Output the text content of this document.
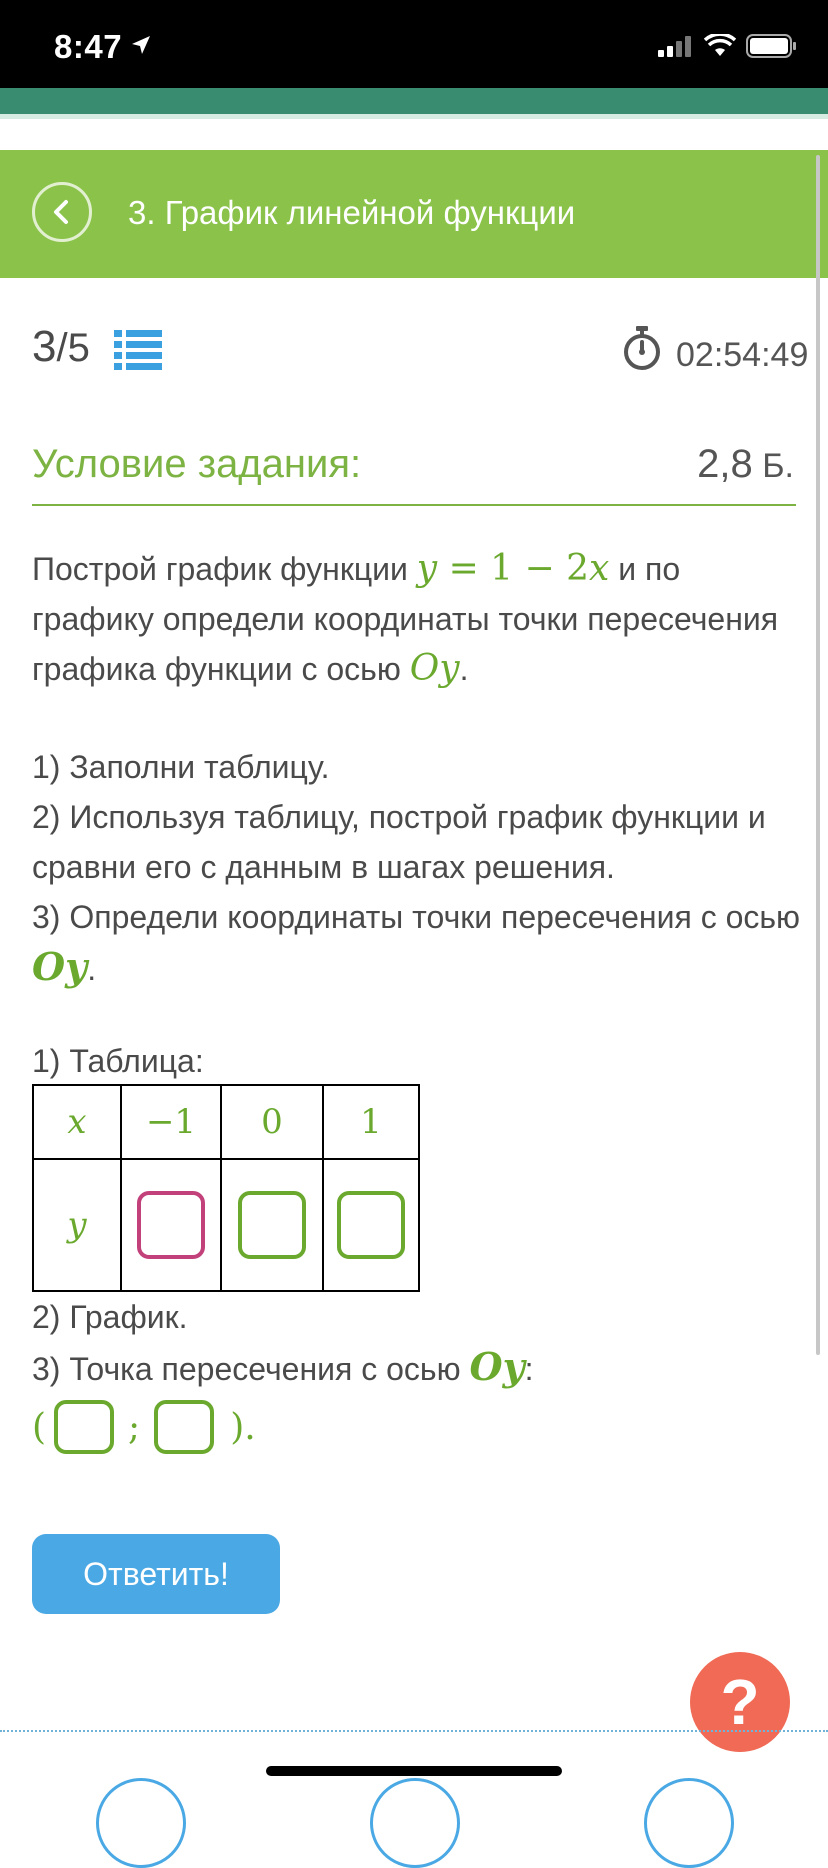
8:47
3. График линейной функции
3/5	02:54:49
Условие задания:	2,8 Б.
Построй график функции y = 1 − 2x и по графику определи координаты точки пересечения графика функции с осью Oy.
1) Заполни таблицу.
2) Используя таблицу, построй график функции и сравни его с данным в шагах решения.
3) Определи координаты точки пересечения с осью Oy.
1) Таблица:
x	−1	0	1
y			
2) График.
3) Точка пересечения с осью Oy:
( ;	).
Ответить!
?
